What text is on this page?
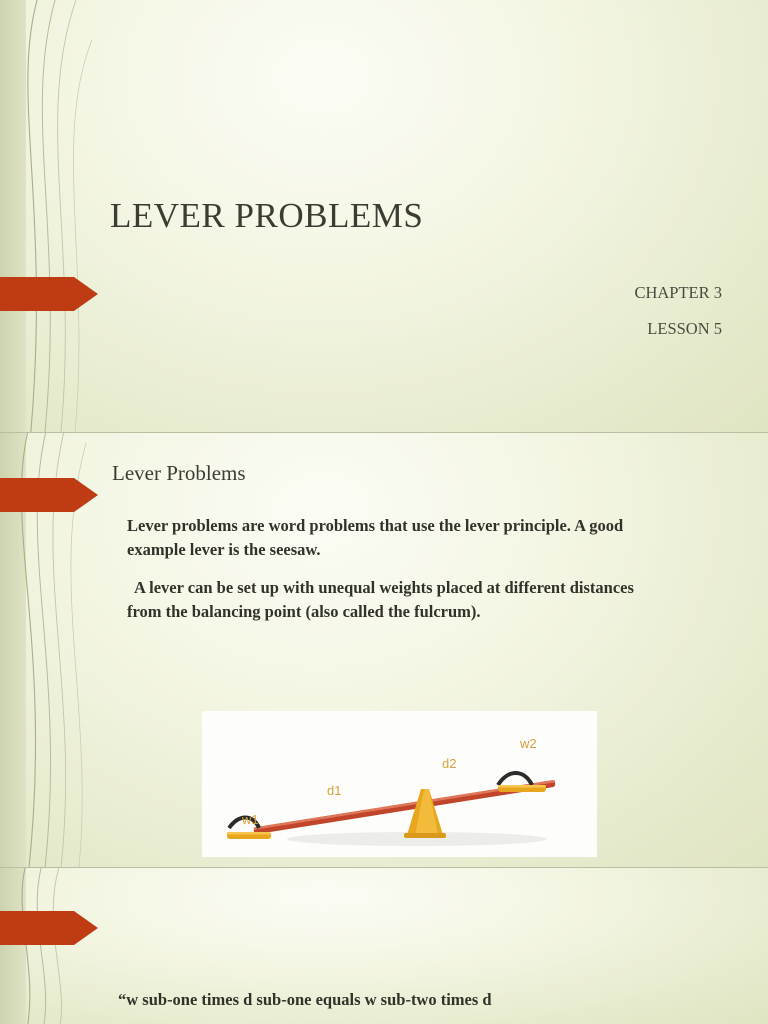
LEVER PROBLEMS
CHAPTER 3
LESSON 5
Lever Problems

Lever problems are word problems that use the lever principle. A good example lever is the seesaw.

A lever can be set up with unequal weights placed at different distances from the balancing point (also called the fulcrum).

w1
d1
d2
w2

“w sub-one times d sub-one equals w sub-two times d
